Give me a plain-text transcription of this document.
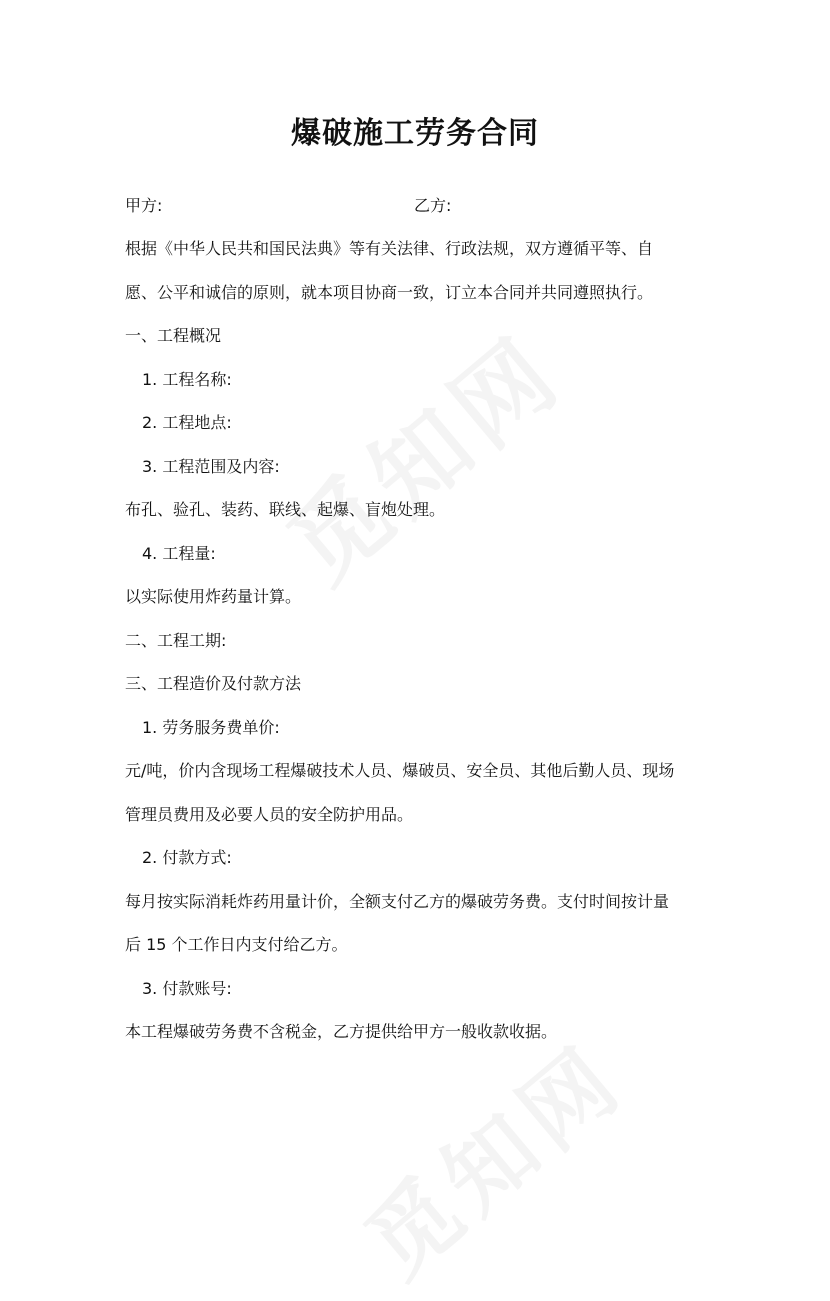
爆破施工劳务合同
甲方:	乙方:
根据《中华人民共和国民法典》等有关法律、行政法规，双方遵循平等、自
愿、公平和诚信的原则，就本项目协商一致，订立本合同并共同遵照执行。
一、工程概况
1. 工程名称:
2. 工程地点:
3. 工程范围及内容:
布孔、验孔、装药、联线、起爆、盲炮处理。
4. 工程量:
以实际使用炸药量计算。
二、工程工期:
三、工程造价及付款方法
1. 劳务服务费单价:
元/吨，价内含现场工程爆破技术人员、爆破员、安全员、其他后勤人员、现场
管理员费用及必要人员的安全防护用品。
2. 付款方式:
每月按实际消耗炸药用量计价，全额支付乙方的爆破劳务费。支付时间按计量
后 15 个工作日内支付给乙方。
3. 付款账号:
本工程爆破劳务费不含税金，乙方提供给甲方一般收款收据。
